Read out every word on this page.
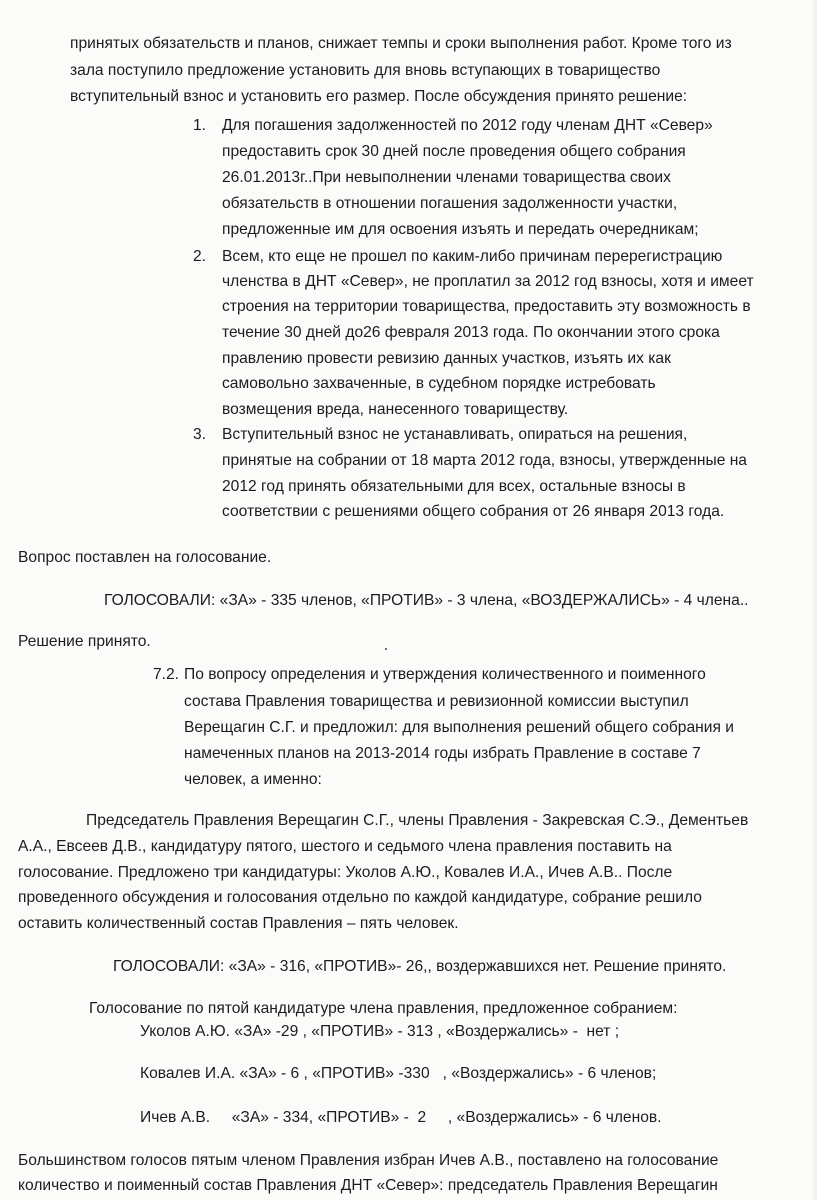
принятых обязательств и планов, снижает темпы и сроки выполнения работ. Кроме того из
зала поступило предложение установить для вновь вступающих в товарищество
вступительный взнос и установить его размер. После обсуждения принято решение:
1. Для погашения задолженностей по 2012 году членам ДНТ «Север»
предоставить срок 30 дней после проведения общего собрания
26.01.2013г..При невыполнении членами товарищества своих
обязательств в отношении погашения задолженности участки,
предложенные им для освоения изъять и передать очередникам;
2. Всем, кто еще не прошел по каким-либо причинам перерегистрацию
членства в ДНТ «Север», не проплатил за 2012 год взносы, хотя и имеет
строения на территории товарищества, предоставить эту возможность в
течение 30 дней до26 февраля 2013 года. По окончании этого срока
правлению провести ревизию данных участков, изъять их как
самовольно захваченные, в судебном порядке истребовать
возмещения вреда, нанесенного товариществу.
3. Вступительный взнос не устанавливать, опираться на решения,
принятые на собрании от 18 марта 2012 года, взносы, утвержденные на
2012 год принять обязательными для всех, остальные взносы в
соответствии с решениями общего собрания от 26 января 2013 года.
Вопрос поставлен на голосование.
ГОЛОСОВАЛИ: «ЗА» - 335 членов, «ПРОТИВ» - 3 члена, «ВОЗДЕРЖАЛИСЬ» - 4 члена..
Решение принято.
7.2. По вопросу определения и утверждения количественного и поименного
состава Правления товарищества и ревизионной комиссии выступил
Верещагин С.Г. и предложил: для выполнения решений общего собрания и
намеченных планов на 2013-2014 годы избрать Правление в составе 7
человек, а именно:
Председатель Правления Верещагин С.Г., члены Правления - Закревская С.Э., Дементьев
А.А., Евсеев Д.В., кандидатуру пятого, шестого и седьмого члена правления поставить на
голосование. Предложено три кандидатуры: Уколов А.Ю., Ковалев И.А., Ичев А.В.. После
проведенного обсуждения и голосования отдельно по каждой кандидатуре, собрание решило
оставить количественный состав Правления – пять человек.
ГОЛОСОВАЛИ: «ЗА» - 316, «ПРОТИВ»- 26,, воздержавшихся нет. Решение принято.
Голосование по пятой кандидатуре члена правления, предложенное собранием:
Уколов А.Ю. «ЗА» -29 , «ПРОТИВ» - 313 , «Воздержались» -  нет ;
Ковалев И.А. «ЗА» - 6 , «ПРОТИВ» -330   , «Воздержались» - 6 членов;
Ичев А.В.     «ЗА» - 334, «ПРОТИВ» -  2     , «Воздержались» - 6 членов.
Большинством голосов пятым членом Правления избран Ичев А.В., поставлено на голосование
количество и поименный состав Правления ДНТ «Север»: председатель Правления Верещагин
